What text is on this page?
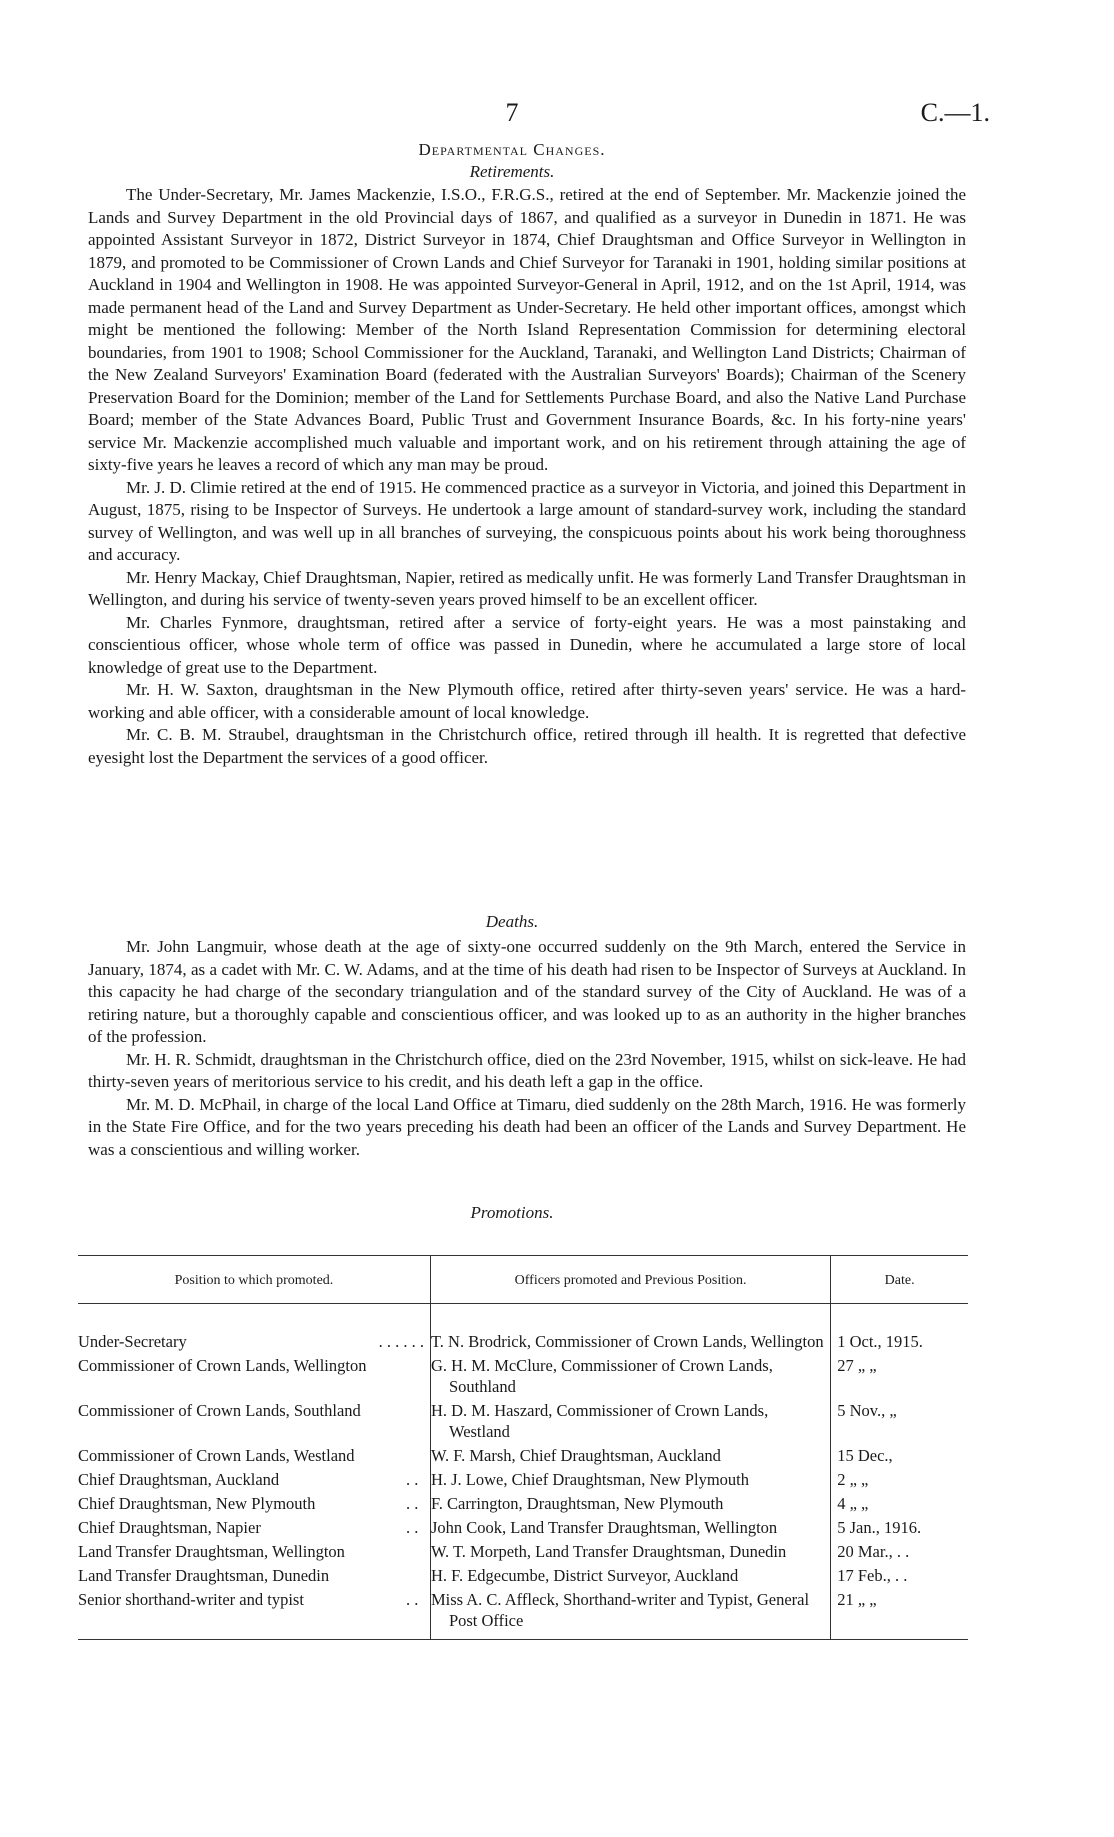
7	C.—1.
Departmental Changes.
Retirements.

The Under-Secretary, Mr. James Mackenzie, I.S.O., F.R.G.S., retired at the end of September. Mr. Mackenzie joined the Lands and Survey Department in the old Provincial days of 1867, and qualified as a surveyor in Dunedin in 1871. He was appointed Assistant Surveyor in 1872, District Surveyor in 1874, Chief Draughtsman and Office Surveyor in Wellington in 1879, and promoted to be Commissioner of Crown Lands and Chief Surveyor for Taranaki in 1901, holding similar positions at Auckland in 1904 and Wellington in 1908. He was appointed Surveyor-General in April, 1912, and on the 1st April, 1914, was made permanent head of the Land and Survey Department as Under-Secretary. He held other important offices, amongst which might be mentioned the following: Member of the North Island Representation Commission for determining electoral boundaries, from 1901 to 1908; School Commissioner for the Auckland, Taranaki, and Wellington Land Districts; Chairman of the New Zealand Surveyors' Examination Board (federated with the Australian Surveyors' Boards); Chairman of the Scenery Preservation Board for the Dominion; member of the Land for Settlements Purchase Board, and also the Native Land Purchase Board; member of the State Advances Board, Public Trust and Government Insurance Boards, &c. In his forty-nine years' service Mr. Mackenzie accomplished much valuable and important work, and on his retirement through attaining the age of sixty-five years he leaves a record of which any man may be proud.

Mr. J. D. Climie retired at the end of 1915. He commenced practice as a surveyor in Victoria, and joined this Department in August, 1875, rising to be Inspector of Surveys. He undertook a large amount of standard-survey work, including the standard survey of Wellington, and was well up in all branches of surveying, the conspicuous points about his work being thoroughness and accuracy.

Mr. Henry Mackay, Chief Draughtsman, Napier, retired as medically unfit. He was formerly Land Transfer Draughtsman in Wellington, and during his service of twenty-seven years proved himself to be an excellent officer.

Mr. Charles Fynmore, draughtsman, retired after a service of forty-eight years. He was a most painstaking and conscientious officer, whose whole term of office was passed in Dunedin, where he accumulated a large store of local knowledge of great use to the Department.

Mr. H. W. Saxton, draughtsman in the New Plymouth office, retired after thirty-seven years' service. He was a hard-working and able officer, with a considerable amount of local knowledge.

Mr. C. B. M. Straubel, draughtsman in the Christchurch office, retired through ill health. It is regretted that defective eyesight lost the Department the services of a good officer.

Deaths.

Mr. John Langmuir, whose death at the age of sixty-one occurred suddenly on the 9th March, entered the Service in January, 1874, as a cadet with Mr. C. W. Adams, and at the time of his death had risen to be Inspector of Surveys at Auckland. In this capacity he had charge of the secondary triangulation and of the standard survey of the City of Auckland. He was of a retiring nature, but a thoroughly capable and conscientious officer, and was looked up to as an authority in the higher branches of the profession.

Mr. H. R. Schmidt, draughtsman in the Christchurch office, died on the 23rd November, 1915, whilst on sick-leave. He had thirty-seven years of meritorious service to his credit, and his death left a gap in the office.

Mr. M. D. McPhail, in charge of the local Land Office at Timaru, died suddenly on the 28th March, 1916. He was formerly in the State Fire Office, and for the two years preceding his death had been an officer of the Lands and Survey Department. He was a conscientious and willing worker.

Promotions.
Position to which promoted.	Officers promoted and Previous Position.	Date.
Under-Secretary . . . . . .	T. N. Brodrick, Commissioner of Crown Lands, Wellington	1 Oct., 1915.
Commissioner of Crown Lands, Wellington	G. H. M. McClure, Commissioner of Crown Lands, Southland	27 „ „
Commissioner of Crown Lands, Southland	H. D. M. Haszard, Commissioner of Crown Lands, Westland	5 Nov., „
Commissioner of Crown Lands, Westland	W. F. Marsh, Chief Draughtsman, Auckland	15 Dec.,
Chief Draughtsman, Auckland . .	H. J. Lowe, Chief Draughtsman, New Plymouth	2 „ „
Chief Draughtsman, New Plymouth . .	F. Carrington, Draughtsman, New Plymouth	4 „ „
Chief Draughtsman, Napier . .	John Cook, Land Transfer Draughtsman, Wellington	5 Jan., 1916.
Land Transfer Draughtsman, Wellington	W. T. Morpeth, Land Transfer Draughtsman, Dunedin	20 Mar., . .
Land Transfer Draughtsman, Dunedin	H. F. Edgecumbe, District Surveyor, Auckland	17 Feb., . .
Senior shorthand-writer and typist . .	Miss A. C. Affleck, Shorthand-writer and Typist, General Post Office	21 „ „
